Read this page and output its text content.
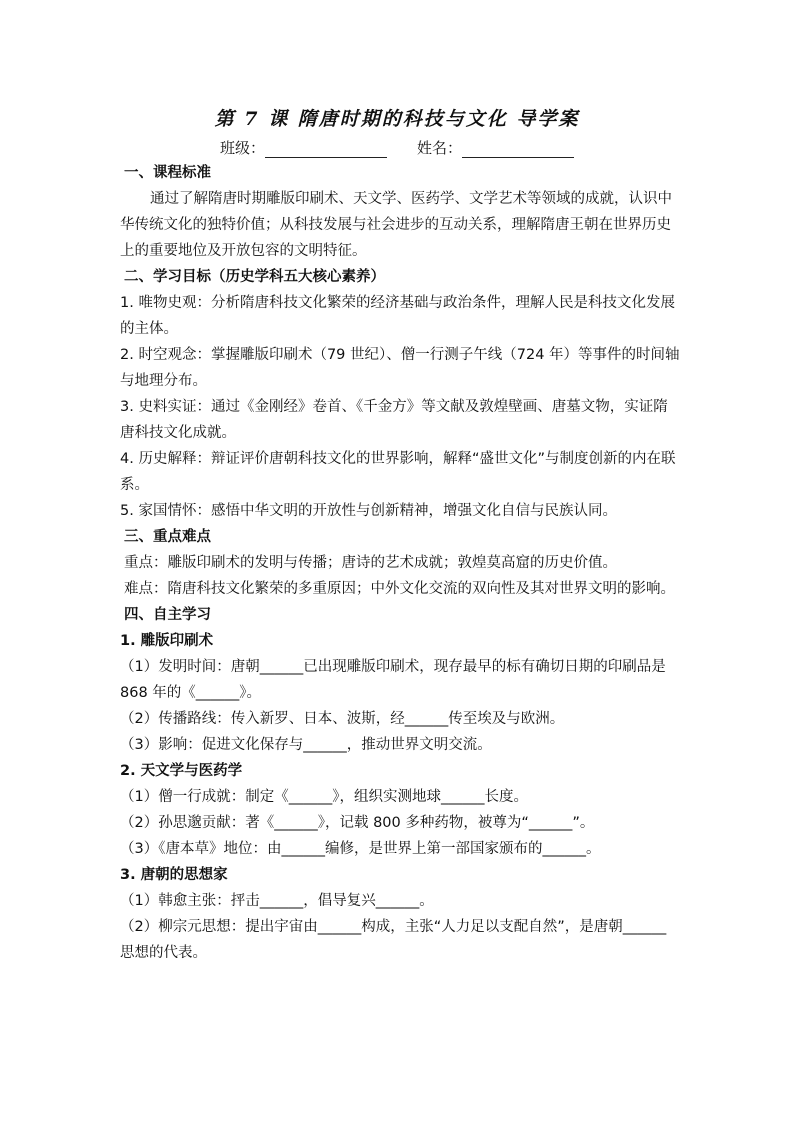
第 7 课 隋唐时期的科技与文化 导学案
班级：	姓名：

一、课程标准

通过了解隋唐时期雕版印刷术、天文学、医药学、文学艺术等领域的成就，认识中华传统文化的独特价值；从科技发展与社会进步的互动关系，理解隋唐王朝在世界历史上的重要地位及开放包容的文明特征。

二、学习目标（历史学科五大核心素养）

1. 唯物史观：分析隋唐科技文化繁荣的经济基础与政治条件，理解人民是科技文化发展的主体。

2. 时空观念：掌握雕版印刷术（79 世纪）、僧一行测子午线（724 年）等事件的时间轴与地理分布。

3. 史料实证：通过《金刚经》卷首、《千金方》等文献及敦煌壁画、唐墓文物，实证隋唐科技文化成就。

4. 历史解释：辩证评价唐朝科技文化的世界影响，解释“盛世文化”与制度创新的内在联系。

5. 家国情怀：感悟中华文明的开放性与创新精神，增强文化自信与民族认同。

三、重点难点

重点：雕版印刷术的发明与传播；唐诗的艺术成就；敦煌莫高窟的历史价值。

难点：隋唐科技文化繁荣的多重原因；中外文化交流的双向性及其对世界文明的影响。

四、自主学习

1. 雕版印刷术

（1）发明时间：唐朝______已出现雕版印刷术，现存最早的标有确切日期的印刷品是 868 年的《______》。

（2）传播路线：传入新罗、日本、波斯，经______传至埃及与欧洲。

（3）影响：促进文化保存与______，推动世界文明交流。

2. 天文学与医药学

（1）僧一行成就：制定《______》，组织实测地球______长度。

（2）孙思邈贡献：著《______》，记载 800 多种药物，被尊为“______”。

（3）《唐本草》地位：由______编修，是世界上第一部国家颁布的______。

3. 唐朝的思想家

（1）韩愈主张：抨击______，倡导复兴______。

（2）柳宗元思想：提出宇宙由______构成，主张“人力足以支配自然”，是唐朝______思想的代表。
